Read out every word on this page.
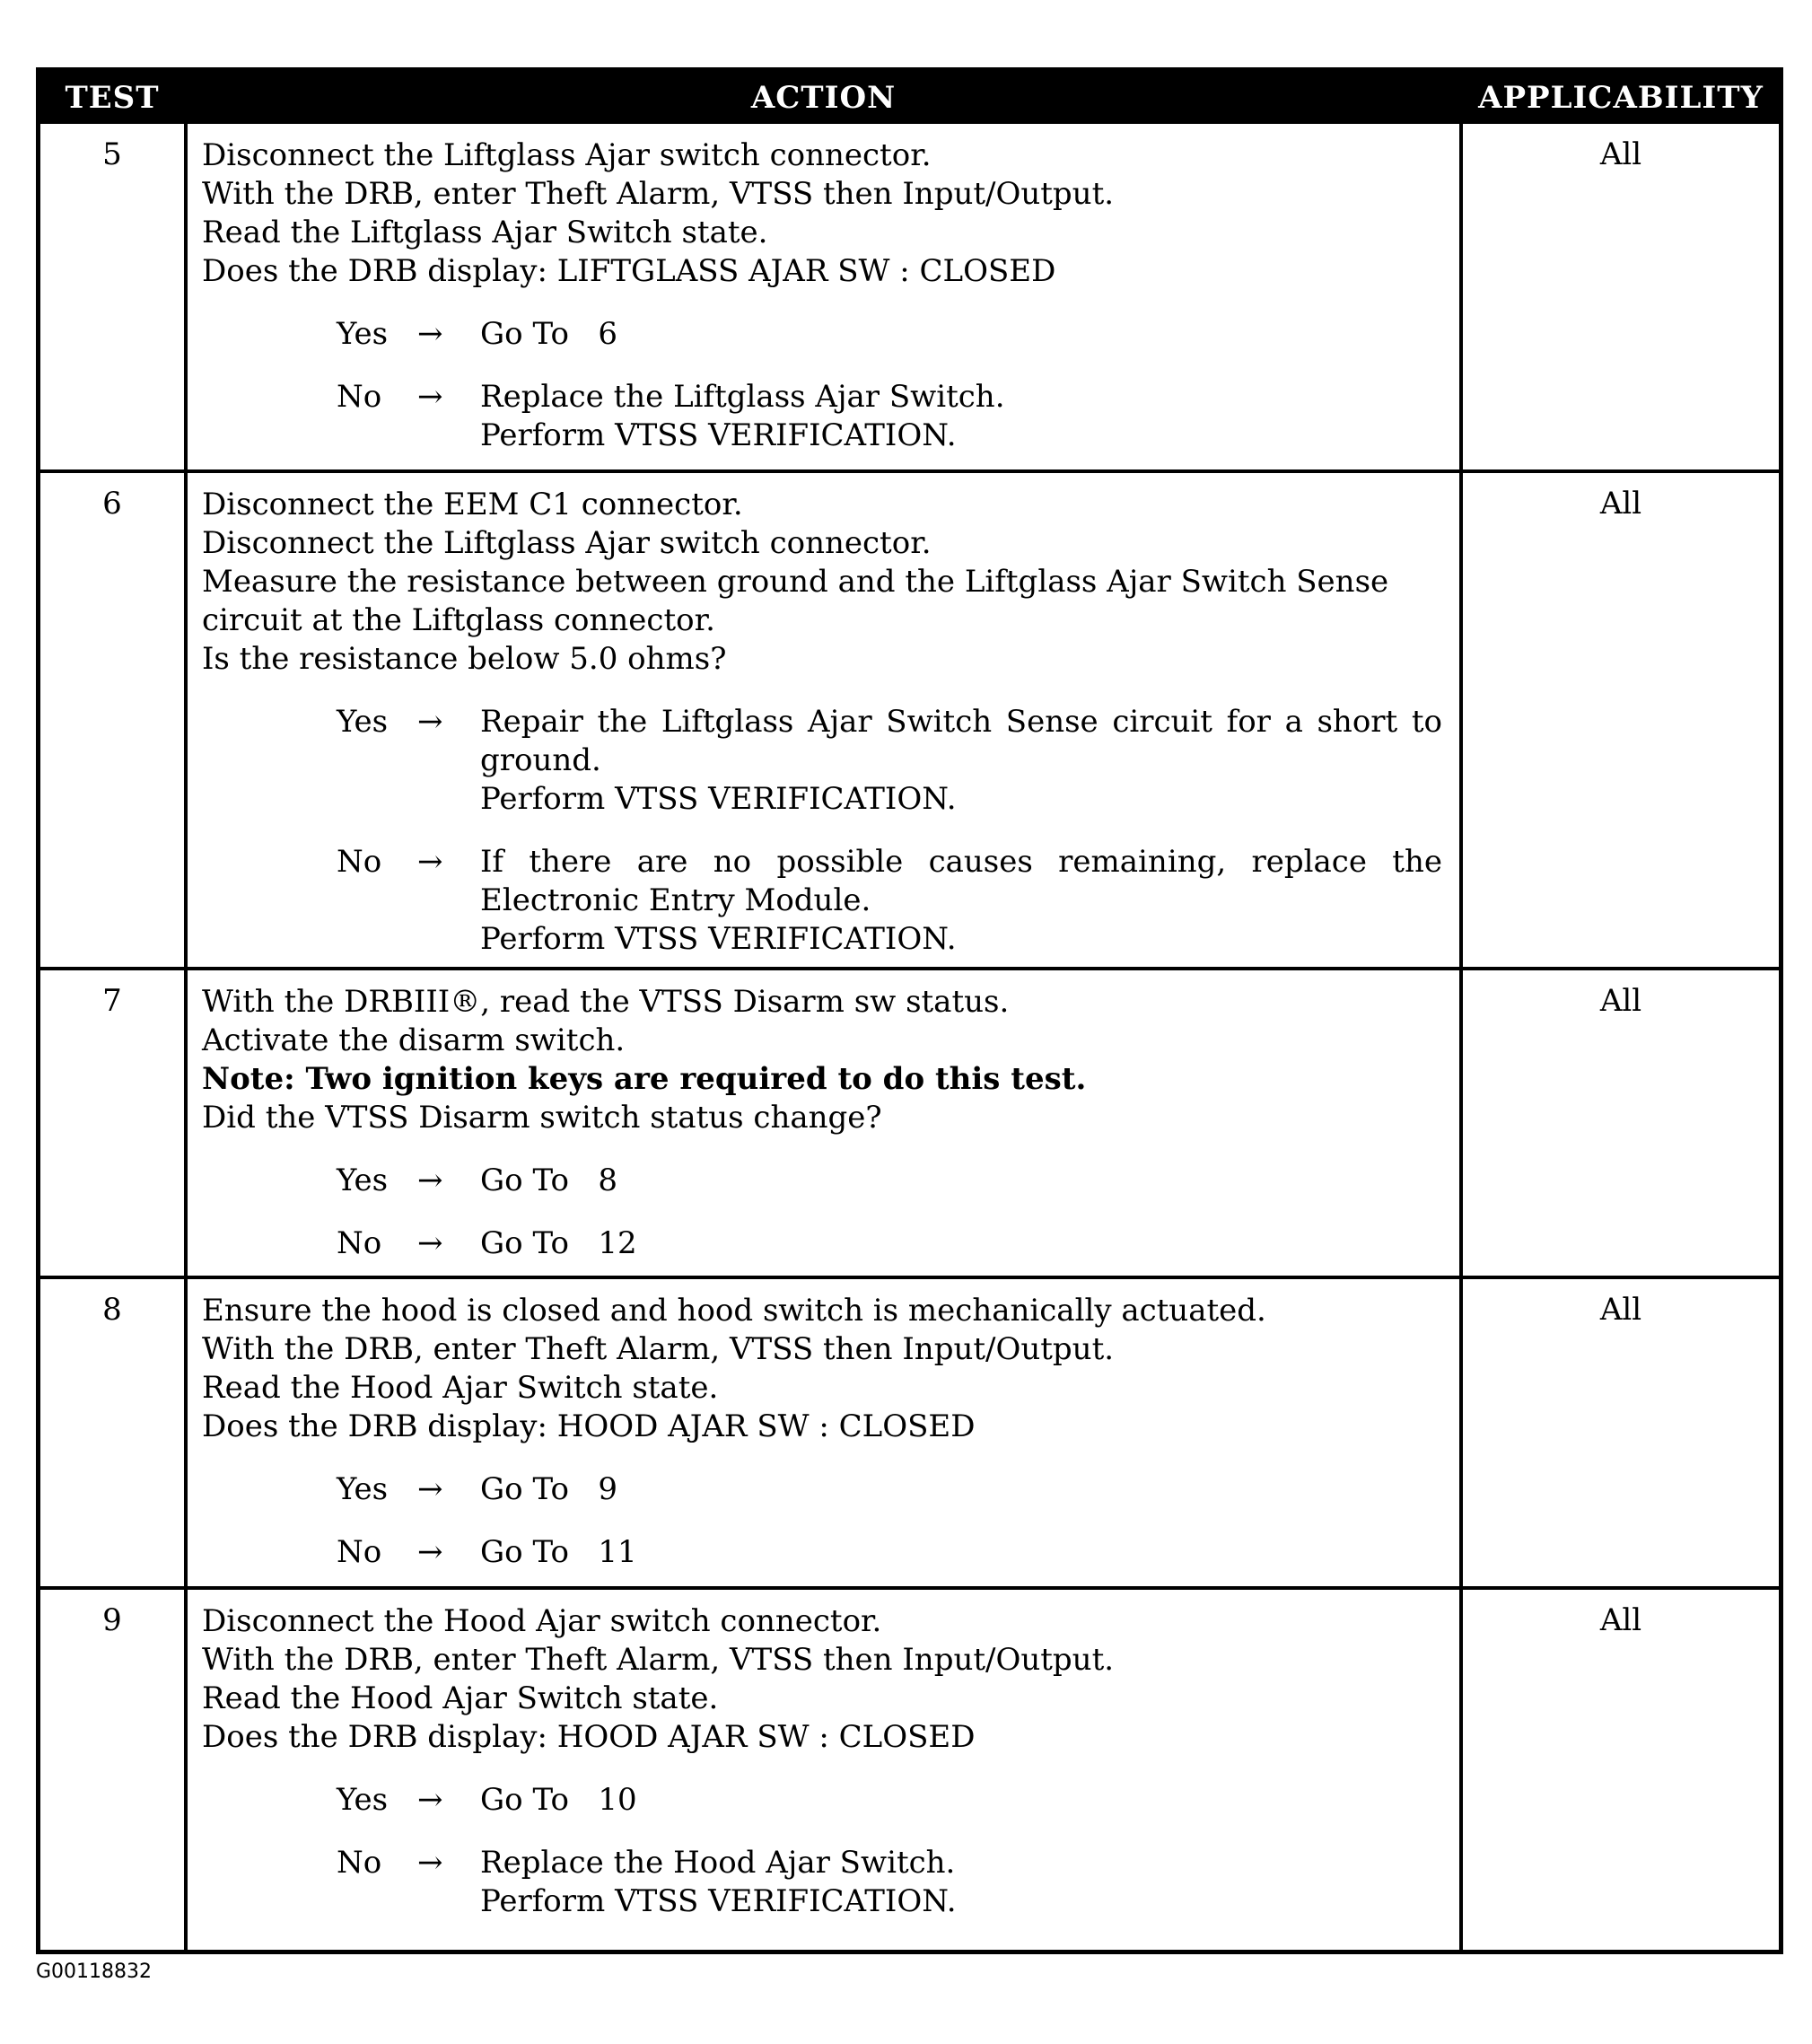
TEST	ACTION	APPLICABILITY
5	Disconnect the Liftglass Ajar switch connector.

With the DRB, enter Theft Alarm, VTSS then Input/Output.

Read the Liftglass Ajar Switch state.

Does the DRB display: LIFTGLASS AJAR SW : CLOSED

Yes → Go To   6
No → Replace the Liftglass Ajar Switch.
Perform VTSS VERIFICATION.
All
6	Disconnect the EEM C1 connector.

Disconnect the Liftglass Ajar switch connector.

Measure the resistance between ground and the Liftglass Ajar Switch Sense circuit at the Liftglass connector.

Is the resistance below 5.0 ohms?

Yes → Repair the Liftglass Ajar Switch Sense circuit for a short to ground.
Perform VTSS VERIFICATION.
No → If there are no possible causes remaining, replace the Electronic Entry Module.
Perform VTSS VERIFICATION.
All
7	With the DRBIII®, read the VTSS Disarm sw status.

Activate the disarm switch.

Note: Two ignition keys are required to do this test.

Did the VTSS Disarm switch status change?

Yes → Go To   8
No → Go To   12
All
8	Ensure the hood is closed and hood switch is mechanically actuated.

With the DRB, enter Theft Alarm, VTSS then Input/Output.

Read the Hood Ajar Switch state.

Does the DRB display: HOOD AJAR SW : CLOSED

Yes → Go To   9
No → Go To   11
All
9	Disconnect the Hood Ajar switch connector.

With the DRB, enter Theft Alarm, VTSS then Input/Output.

Read the Hood Ajar Switch state.

Does the DRB display: HOOD AJAR SW : CLOSED

Yes → Go To   10
No → Replace the Hood Ajar Switch.
Perform VTSS VERIFICATION.
All
G00118832
